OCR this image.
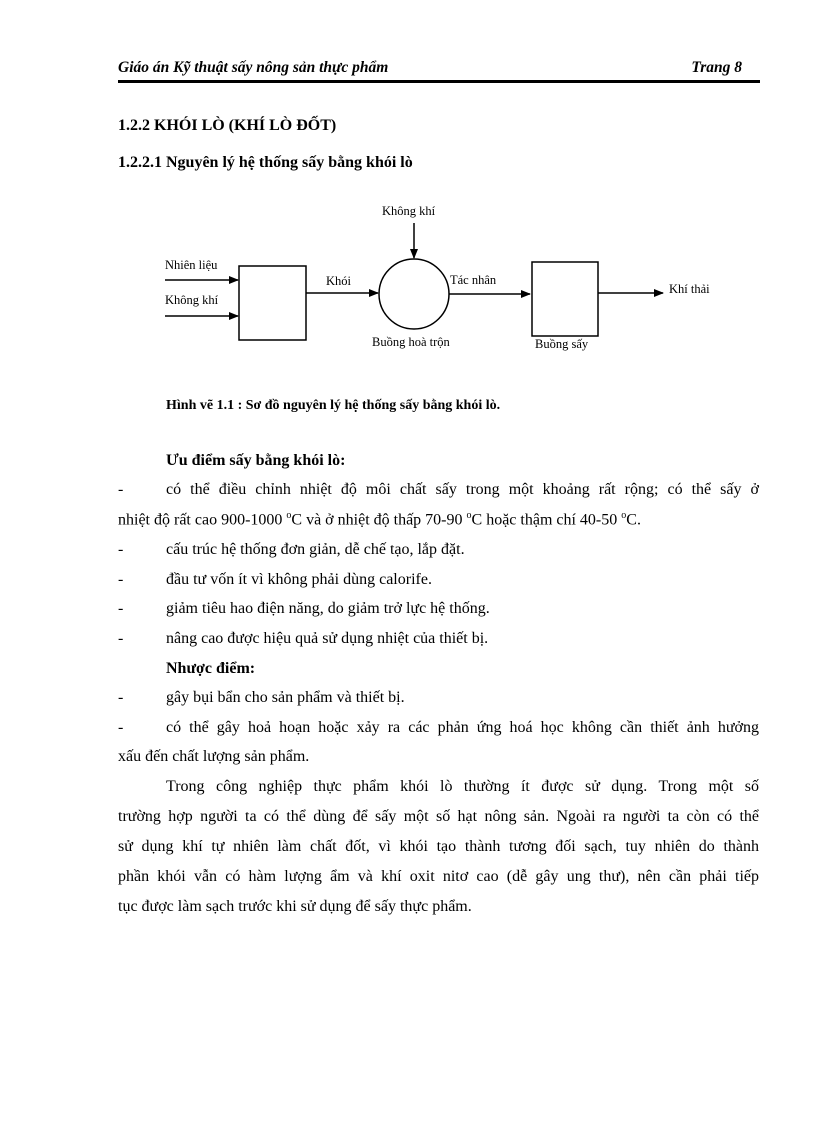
Giáo án Kỹ thuật sấy nông sản thực phẩm	Trang 8
1.2.2 KHÓI LÒ (KHÍ LÒ ĐỐT)
1.2.2.1 Nguyên lý hệ thống sấy bằng khói lò
Không khí
Nhiên liệu
Không khí
Khói
Buồng hoà trộn
Tác nhân
Buồng sấy
Khí thải
Hình vẽ 1.1 : Sơ đồ nguyên lý hệ thống sấy bằng khói lò.
Ưu điểm sấy bằng khói lò:
-	có thể điều chỉnh nhiệt độ môi chất sấy trong một khoảng rất rộng; có thể sấy ở
nhiệt độ rất cao 900-1000 $^o$C và ở nhiệt độ thấp 70-90 $^o$C hoặc thậm chí 40-50 $^o$C.
-	cấu trúc hệ thống đơn giản, dễ chế tạo, lắp đặt.
-	đầu tư vốn ít vì không phải dùng calorife.
-	giảm tiêu hao điện năng, do giảm trở lực hệ thống.
-	nâng cao được hiệu quả sử dụng nhiệt của thiết bị.
Nhược điểm:
-	gây bụi bẩn cho sản phẩm và thiết bị.
-	có thể gây hoả hoạn hoặc xảy ra các phản ứng hoá học không cần thiết ảnh hưởng
xấu đến chất lượng sản phẩm.
Trong công nghiệp thực phẩm khói lò thường ít được sử dụng. Trong một số
trường hợp người ta có thể dùng để sấy một số hạt nông sản. Ngoài ra người ta còn có thể
sử dụng khí tự nhiên làm chất đốt, vì khói tạo thành tương đối sạch, tuy nhiên do thành
phần khói vẫn có hàm lượng ẩm và khí oxit nitơ cao (dễ gây ung thư), nên cần phải tiếp
tục được làm sạch trước khi sử dụng để sấy thực phẩm.
